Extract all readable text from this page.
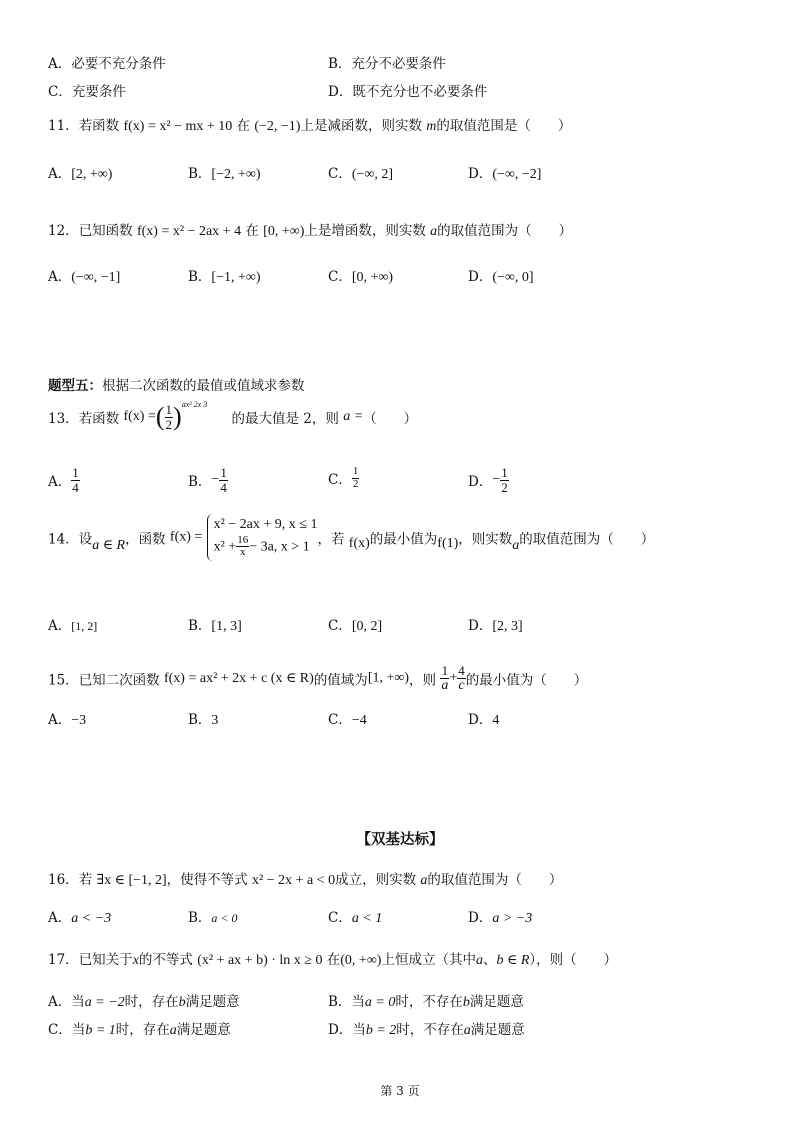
A．必要不充分条件	B．充分不必要条件
C．充要条件	D．既不充分也不必要条件
11．若函数 f(x) = x² − mx + 10 在 (−2, −1)上是减函数，则实数 m的取值范围是（　　）
A．[2, +∞)	B．[−2, +∞)	C．(−∞, 2]	D．(−∞, −2]
12．已知函数 f(x) = x² − 2ax + 4 在 [0, +∞)上是增函数，则实数 a的取值范围为（　　）
A．(−∞, −1]	B．[−1, +∞)	C．[0, +∞)	D．(−∞, 0]
题型五：根据二次函数的最值或值域求参数
13．若函数 f(x) =( $\frac{1}{2} )^{ax^2 2x 3}$ 的最大值是 2，则 a =（　　）
A． $\frac{1}{4}$	B．− $\frac{1}{4}$	C． $\frac{1}{2}$	D．− $\frac{1}{2}$
14．设a ∈ R，函数 f(x) =
x² − 2ax + 9, x ≤ 1
$x^2 + \frac{16}{x} - 3a$, x > 1 ，若 f(x)的最小值为f(1)，则实数a的取值范围为（　　）
A．[1, 2]	B．[1, 3]	C．[0, 2]	D．[2, 3]
15．已知二次函数 f(x) = ax² + 2x + c (x ∈ R)的值域为[1, +∞)，则 $\frac{1}{a} + \frac{4}{c}$ 的最小值为（　　）
A．−3	B．3	C．−4	D．4
【双基达标】
16．若 ∃x ∈ [−1, 2]，使得不等式 x² − 2x + a < 0成立，则实数 a的取值范围为（　　）
A．a < −3	B．a < 0	C．a < 1	D．a > −3
17．已知关于x的不等式 (x² + ax + b) · ln x ≥ 0 在(0, +∞)上恒成立（其中a、b ∈ R），则（　　）
A．当a = −2时，存在b满足题意	B．当a = 0时，不存在b满足题意
C．当b = 1时，存在a满足题意	D．当b = 2时，不存在a满足题意
第 3 页
